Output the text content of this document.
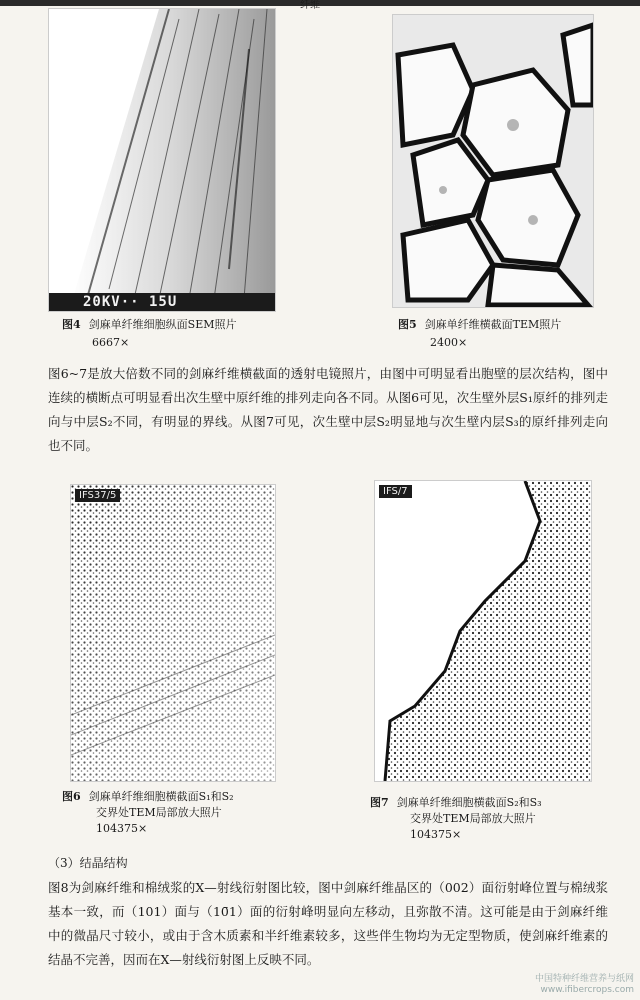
纤维
20KV·· 15U
图4 剑麻单纤维细胞纵面SEM照片
6667×
图5 剑麻单纤维横截面TEM照片
2400×
图6~7是放大倍数不同的剑麻纤维横截面的透射电镜照片，由图中可明显看出胞壁的层次结构，图中连续的横断点可明显看出次生壁中原纤维的排列走向各不同。从图6可见，次生壁外层S₁原纤的排列走向与中层S₂不同，有明显的界线。从图7可见，次生壁中层S₂明显地与次生壁内层S₃的原纤排列走向也不同。
IFS37/5
图6 剑麻单纤维细胞横截面S₁和S₂
交界处TEM局部放大照片
104375×
IFS/7
图7 剑麻单纤维细胞横截面S₂和S₃
交界处TEM局部放大照片
104375×
（3）结晶结构
图8为剑麻纤维和棉绒浆的X—射线衍射图比较，图中剑麻纤维晶区的（002）面衍射峰位置与棉绒浆基本一致，而（101）面与（10̄1）面的衍射峰明显向左移动，且弥散不清。这可能是由于剑麻纤维中的微晶尺寸较小，或由于含木质素和半纤维素较多，这些伴生物均为无定型物质，使剑麻纤维素的结晶不完善，因而在X—射线衍射图上反映不同。
中国特种纤维营养与纸网
www.ifibercrops.com
